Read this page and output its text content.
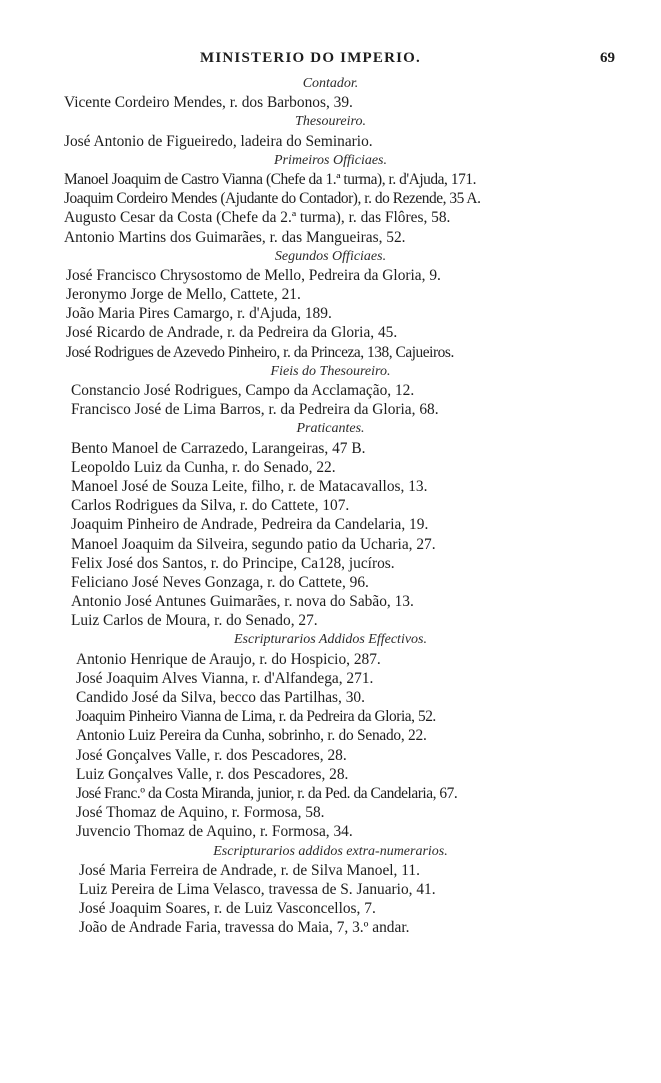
MINISTERIO DO IMPERIO.	69
Contador.
Vicente Cordeiro Mendes, r. dos Barbonos, 39.
Thesoureiro.
José Antonio de Figueiredo, ladeira do Seminario.
Primeiros Officiaes.
Manoel Joaquim de Castro Vianna (Chefe da 1.ª turma), r. d'Ajuda, 171.
Joaquim Cordeiro Mendes (Ajudante do Contador), r. do Rezende, 35 A.
Augusto Cesar da Costa (Chefe da 2.ª turma), r. das Flôres, 58.
Antonio Martins dos Guimarães, r. das Mangueiras, 52.
Segundos Officiaes.
José Francisco Chrysostomo de Mello, Pedreira da Gloria, 9.
Jeronymo Jorge de Mello, Cattete, 21.
João Maria Pires Camargo, r. d'Ajuda, 189.
José Ricardo de Andrade, r. da Pedreira da Gloria, 45.
José Rodrigues de Azevedo Pinheiro, r. da Princeza, 138, Cajueiros.
Fieis do Thesoureiro.
Constancio José Rodrigues, Campo da Acclamação, 12.
Francisco José de Lima Barros, r. da Pedreira da Gloria, 68.
Praticantes.
Bento Manoel de Carrazedo, Larangeiras, 47 B.
Leopoldo Luiz da Cunha, r. do Senado, 22.
Manoel José de Souza Leite, filho, r. de Matacavallos, 13.
Carlos Rodrigues da Silva, r. do Cattete, 107.
Joaquim Pinheiro de Andrade, Pedreira da Candelaria, 19.
Manoel Joaquim da Silveira, segundo patio da Ucharia, 27.
Felix José dos Santos, r. do Principe, Ca128, jucíros.
Feliciano José Neves Gonzaga, r. do Cattete, 96.
Antonio José Antunes Guimarães, r. nova do Sabão, 13.
Luiz Carlos de Moura, r. do Senado, 27.
Escripturarios Addidos Effectivos.
Antonio Henrique de Araujo, r. do Hospicio, 287.
José Joaquim Alves Vianna, r. d'Alfandega, 271.
Candido José da Silva, becco das Partilhas, 30.
Joaquim Pinheiro Vianna de Lima, r. da Pedreira da Gloria, 52.
Antonio Luiz Pereira da Cunha, sobrinho, r. do Senado, 22.
José Gonçalves Valle, r. dos Pescadores, 28.
Luiz Gonçalves Valle, r. dos Pescadores, 28.
José Franc.º da Costa Miranda, junior, r. da Ped. da Candelaria, 67.
José Thomaz de Aquino, r. Formosa, 58.
Juvencio Thomaz de Aquino, r. Formosa, 34.
Escripturarios addidos extra-numerarios.
José Maria Ferreira de Andrade, r. de Silva Manoel, 11.
Luiz Pereira de Lima Velasco, travessa de S. Januario, 41.
José Joaquim Soares, r. de Luiz Vasconcellos, 7.
João de Andrade Faria, travessa do Maia, 7, 3.º andar.
